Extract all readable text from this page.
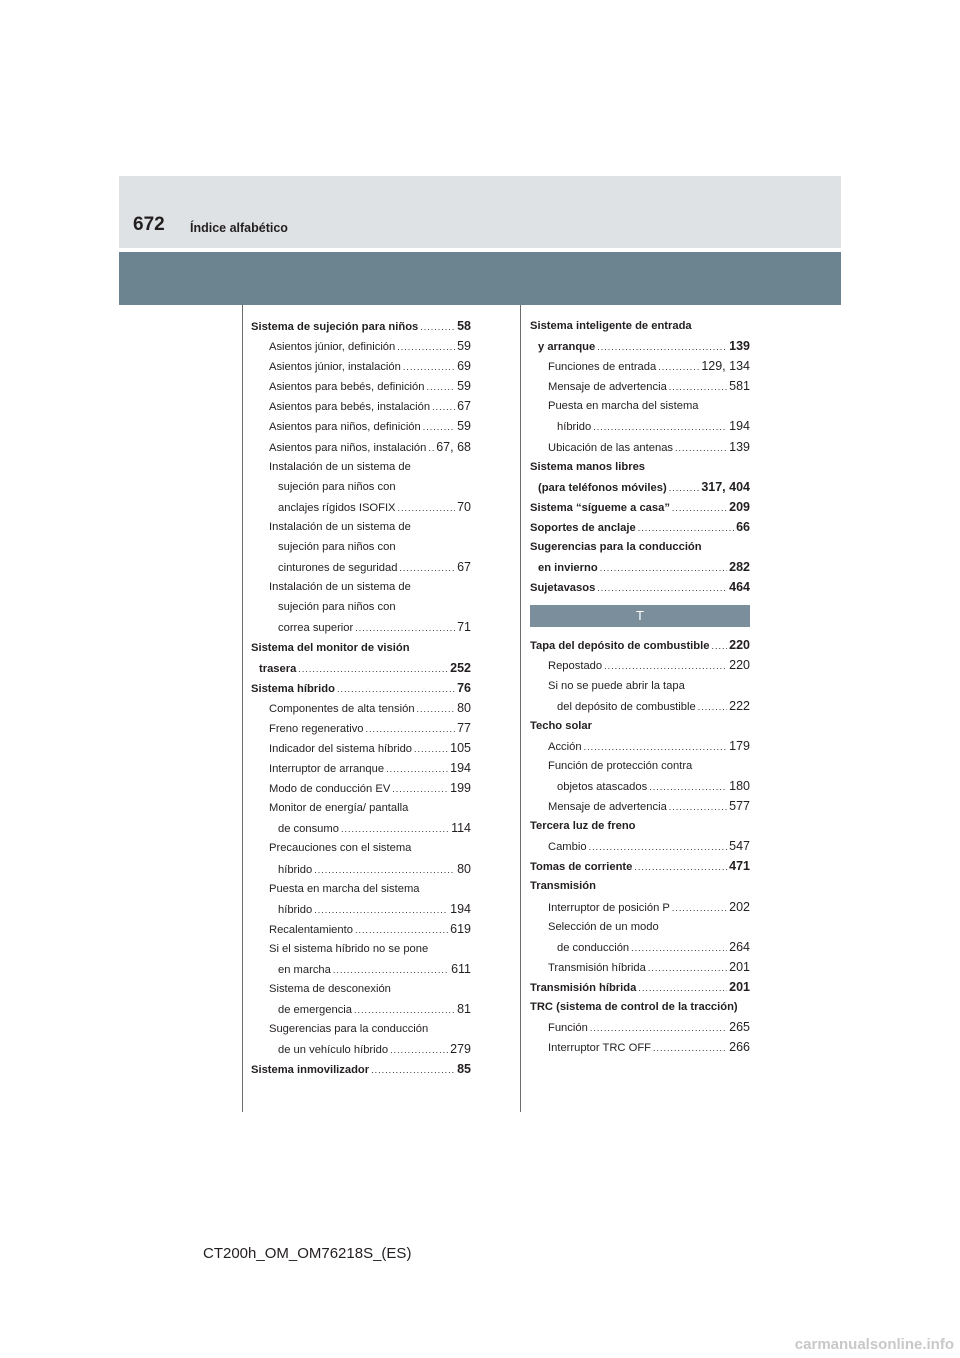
672 Índice alfabético
Sistema de sujeción para niños .....	58
Asientos júnior, definición .....	59
Asientos júnior, instalación .....	69
Asientos para bebés, definición .....	59
Asientos para bebés, instalación ..... 67
Asientos para niños, definición .....	59
Asientos para niños, instalación ..... 67, 68
Instalación de un sistema de
sujeción para niños con
anclajes rígidos ISOFIX .....	70
Instalación de un sistema de
sujeción para niños con
cinturones de seguridad .....	67
Instalación de un sistema de
sujeción para niños con
correa superior .....	71
Sistema del monitor de visión
trasera .....	252
Sistema híbrido .....	76
Componentes de alta tensión .....	80
Freno regenerativo .....	77
Indicador del sistema híbrido .....	105
Interruptor de arranque .....	194
Modo de conducción EV .....	199
Monitor de energía/ pantalla
de consumo .....	114
Precauciones con el sistema
híbrido .....	80
Puesta en marcha del sistema
híbrido .....	194
Recalentamiento .....	619
Si el sistema híbrido no se pone
en marcha .....	611
Sistema de desconexión
de emergencia .....	81
Sugerencias para la conducción
de un vehículo híbrido .....	279
Sistema inmovilizador .....	85
Sistema inteligente de entrada
y arranque .....	139
Funciones de entrada .....	129, 134
Mensaje de advertencia .....	581
Puesta en marcha del sistema
híbrido .....	194
Ubicación de las antenas .....	139
Sistema manos libres
(para teléfonos móviles) .....	317, 404
Sistema “sígueme a casa” .....	209
Soportes de anclaje .....	66
Sugerencias para la conducción
en invierno .....	282
Sujetavasos .....	464
T
Tapa del depósito de combustible ..... 220
Repostado .....	220
Si no se puede abrir la tapa
del depósito de combustible .....	222
Techo solar
Acción .....	179
Función de protección contra
objetos atascados .....	180
Mensaje de advertencia .....	577
Tercera luz de freno
Cambio .....	547
Tomas de corriente .....	471
Transmisión
Interruptor de posición P .....	202
Selección de un modo
de conducción .....	264
Transmisión híbrida .....	201
Transmisión híbrida .....	201
TRC (sistema de control de la tracción)
Función .....	265
Interruptor TRC OFF .....	266
CT200h_OM_OM76218S_(ES)
carmanualsonline.info
